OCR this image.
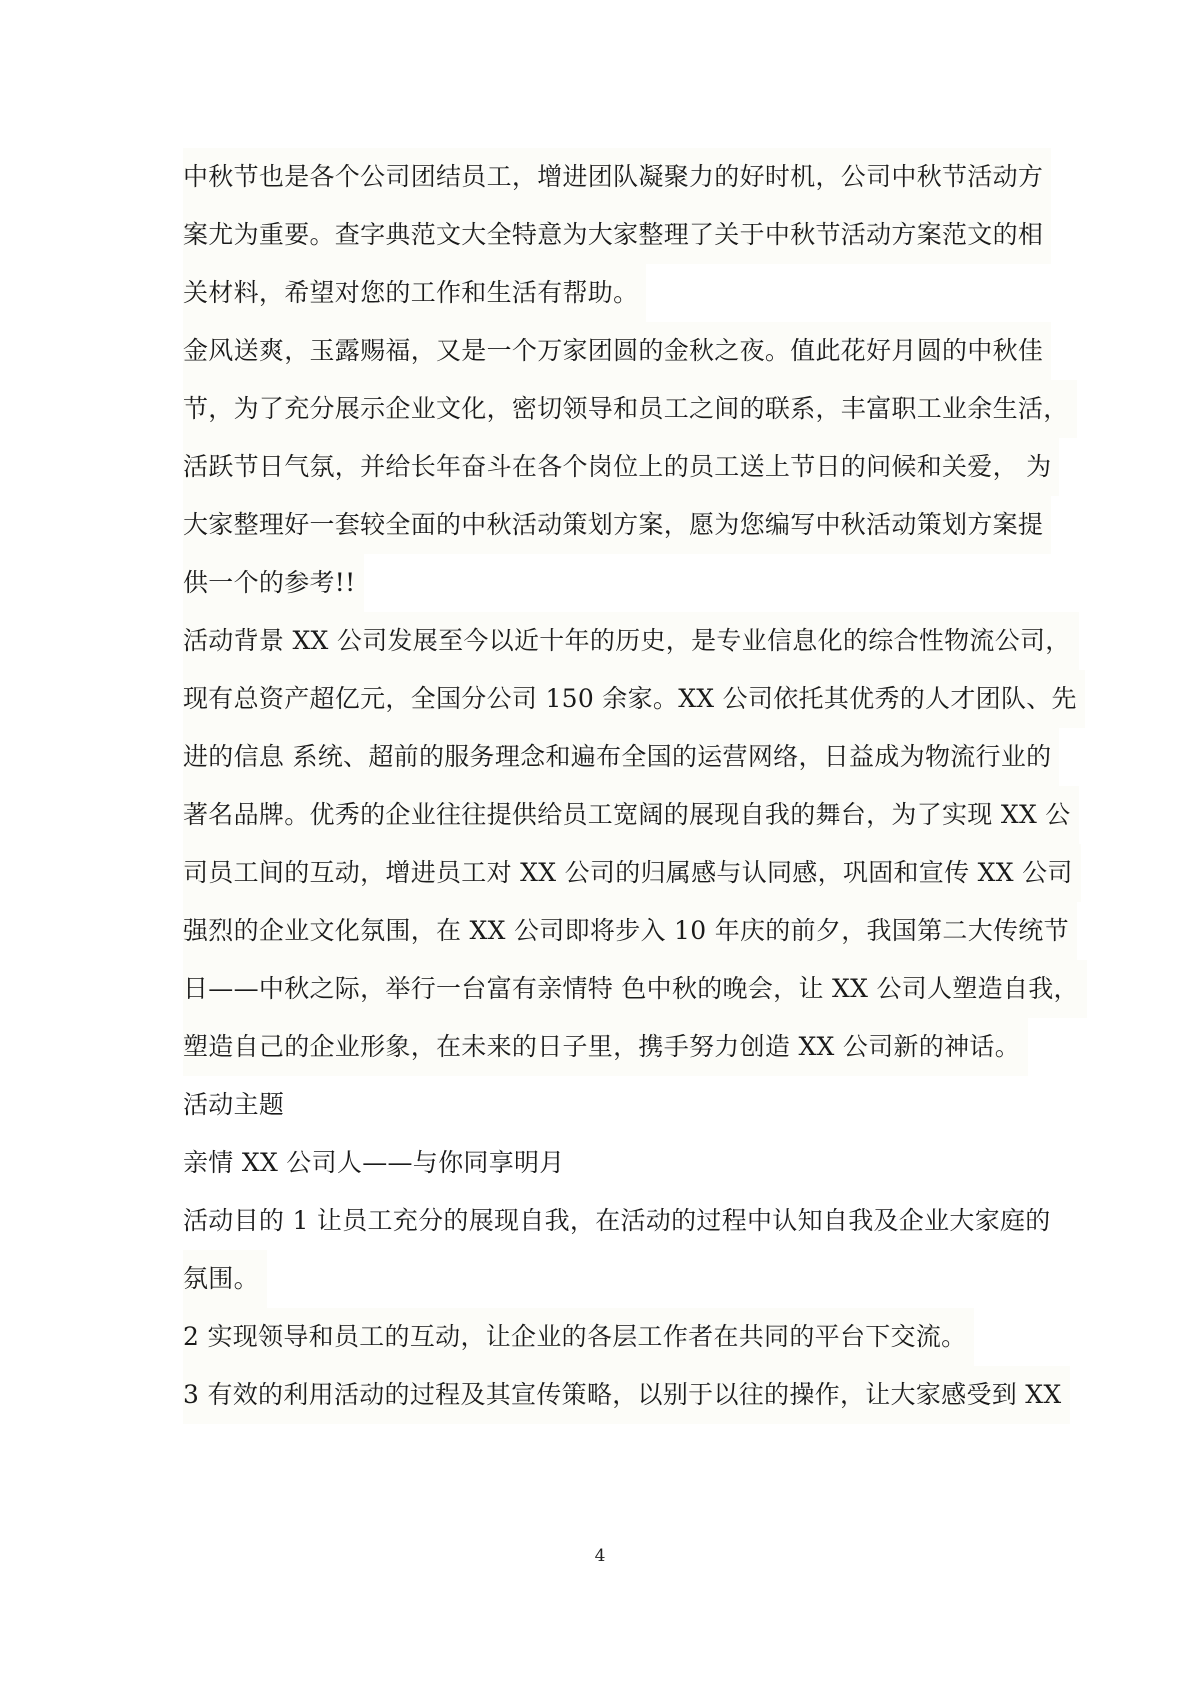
中秋节也是各个公司团结员工，增进团队凝聚力的好时机，公司中秋节活动方
案尤为重要。查字典范文大全特意为大家整理了关于中秋节活动方案范文的相
关材料，希望对您的工作和生活有帮助。
金风送爽，玉露赐福，又是一个万家团圆的金秋之夜。值此花好月圆的中秋佳
节，为了充分展示企业文化，密切领导和员工之间的联系，丰富职工业余生活，
活跃节日气氛，并给长年奋斗在各个岗位上的员工送上节日的问候和关爱， 为
大家整理好一套较全面的中秋活动策划方案，愿为您编写中秋活动策划方案提
供一个的参考!!
活动背景 XX 公司发展至今以近十年的历史，是专业信息化的综合性物流公司，
现有总资产超亿元，全国分公司 150 余家。XX 公司依托其优秀的人才团队、先
进的信息 系统、超前的服务理念和遍布全国的运营网络，日益成为物流行业的
著名品牌。优秀的企业往往提供给员工宽阔的展现自我的舞台，为了实现 XX 公
司员工间的互动，增进员工对 XX 公司的归属感与认同感，巩固和宣传 XX 公司
强烈的企业文化氛围，在 XX 公司即将步入 10 年庆的前夕，我国第二大传统节
日——中秋之际，举行一台富有亲情特 色中秋的晚会，让 XX 公司人塑造自我，
塑造自己的企业形象，在未来的日子里，携手努力创造 XX 公司新的神话。
活动主题
亲情 XX 公司人——与你同享明月
活动目的 1 让员工充分的展现自我，在活动的过程中认知自我及企业大家庭的
氛围。
2 实现领导和员工的互动，让企业的各层工作者在共同的平台下交流。
3 有效的利用活动的过程及其宣传策略，以别于以往的操作，让大家感受到 XX
4
